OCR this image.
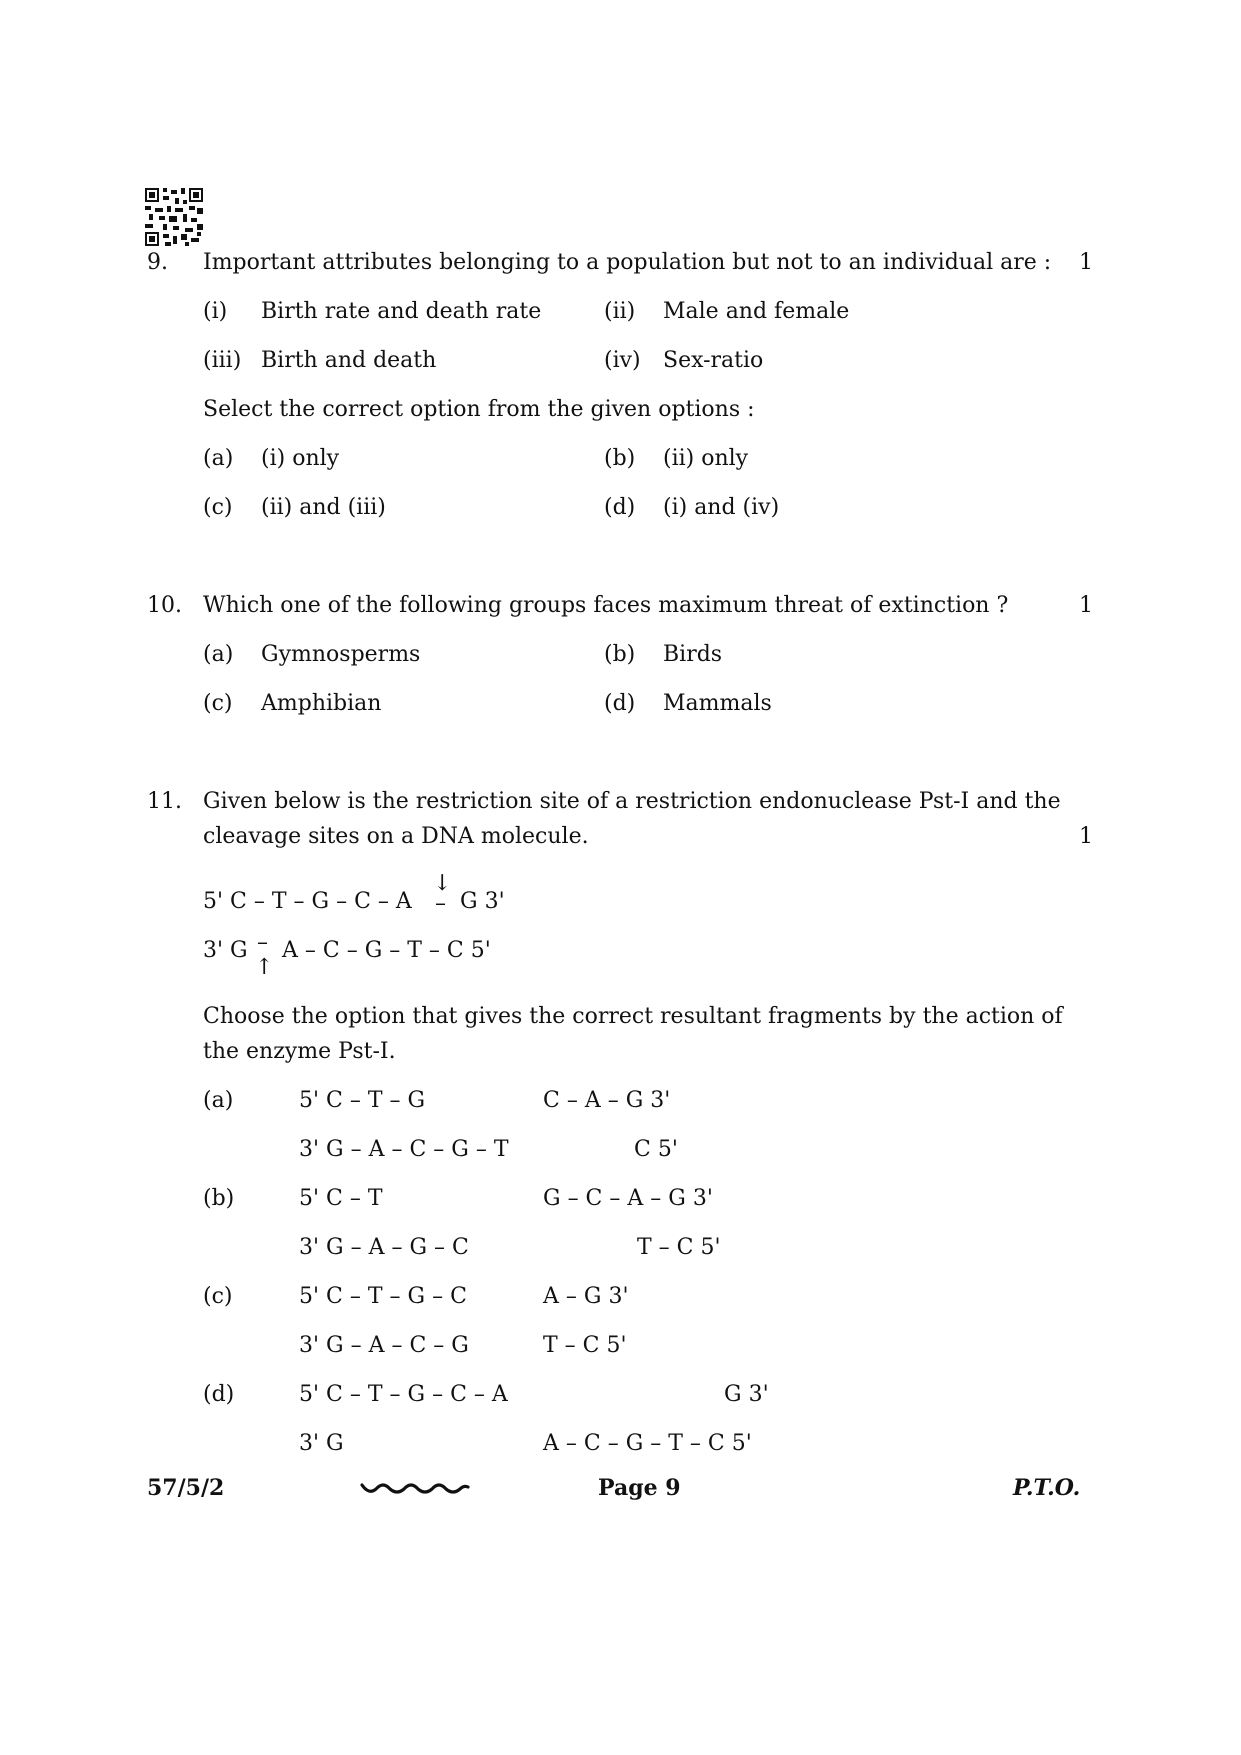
9. Important attributes belonging to a population but not to an individual are : 1
(i) Birth rate and death rate	(ii) Male and female
(iii) Birth and death	(iv) Sex-ratio
Select the correct option from the given options :
(a) (i) only	(b) (ii) only
(c) (ii) and (iii)	(d) (i) and (iv)
10. Which one of the following groups faces maximum threat of extinction ?	1
(a) Gymnosperms	(b) Birds
(c) Amphibian	(d) Mammals
11. Given below is the restriction site of a restriction endonuclease Pst-I and the
cleavage sites on a DNA molecule.	1
5' C – T – G – C – A –
↓
G 3'
3' G –
↑
A – C – G – T – C 5'
Choose the option that gives the correct resultant fragments by the action of
the enzyme Pst-I.
(a)	5' C – T – G	C – A – G 3'
3' G – A – C – G – T	C 5'
(b)	5' C – T	G – C – A – G 3'
3' G – A – G – C	T – C 5'
(c)	5' C – T – G – C	A – G 3'
3' G – A – C – G	T – C 5'
(d)	5' C – T – G – C – A	G 3'
3' G	A – C – G – T – C 5'
57/5/2	Page 9	P.T.O.
